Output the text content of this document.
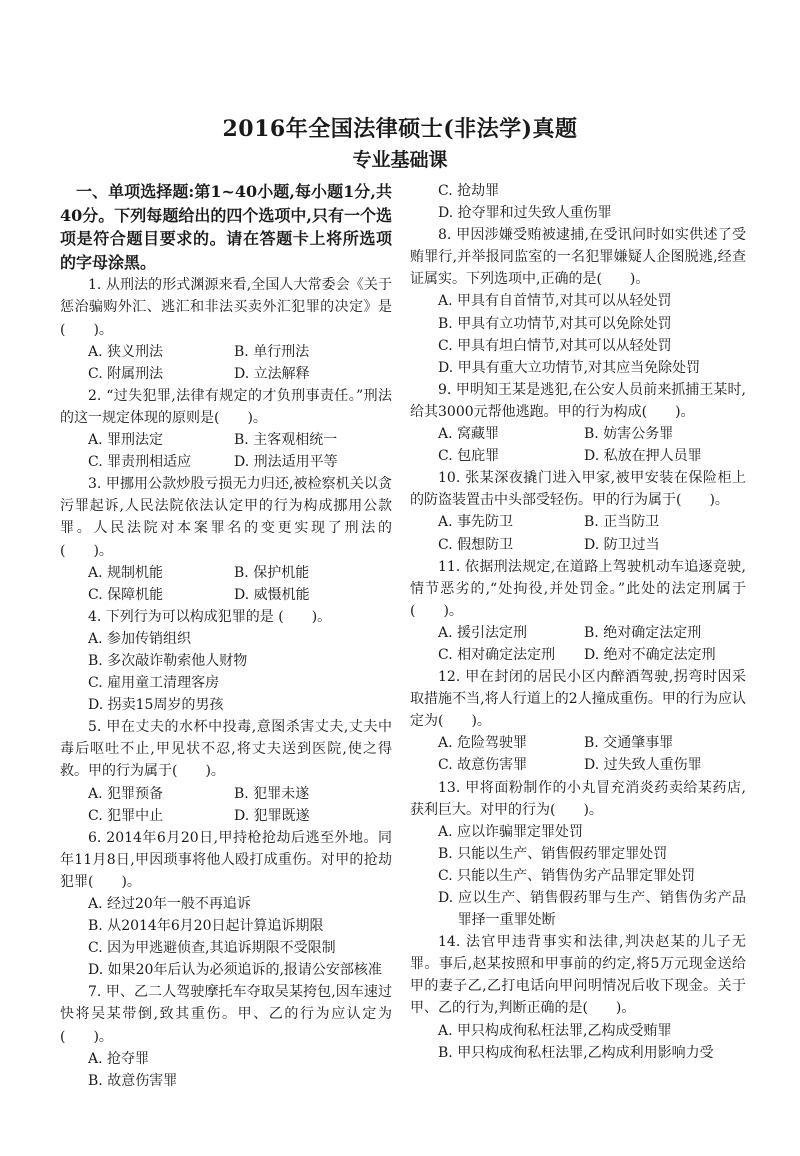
2016年全国法律硕士(非法学)真题
专业基础课

一、单项选择题:第1~40小题,每小题1分,共40分。下列每题给出的四个选项中,只有一个选项是符合题目要求的。请在答题卡上将所选项的字母涂黑。

1. 从刑法的形式渊源来看,全国人大常委会《关于惩治骗购外汇、逃汇和非法买卖外汇犯罪的决定》是(　　)。

A. 狭义刑法	B. 单行刑法
C. 附属刑法	D. 立法解释

2. “过失犯罪,法律有规定的才负刑事责任。”刑法的这一规定体现的原则是(　　)。

A. 罪刑法定	B. 主客观相统一
C. 罪责刑相适应	D. 刑法适用平等

3. 甲挪用公款炒股亏损无力归还,被检察机关以贪污罪起诉,人民法院依法认定甲的行为构成挪用公款罪。人民法院对本案罪名的变更实现了刑法的(　　)。

A. 规制机能	B. 保护机能
C. 保障机能	D. 威慑机能

4. 下列行为可以构成犯罪的是 (　　)。

A. 参加传销组织
B. 多次敲诈勒索他人财物
C. 雇用童工清理客房
D. 拐卖15周岁的男孩

5. 甲在丈夫的水杯中投毒,意图杀害丈夫,丈夫中毒后呕吐不止,甲见状不忍,将丈夫送到医院,使之得救。甲的行为属于(　　)。

A. 犯罪预备	B. 犯罪未遂
C. 犯罪中止	D. 犯罪既遂

6. 2014年6月20日,甲持枪抢劫后逃至外地。同年11月8日,甲因琐事将他人殴打成重伤。对甲的抢劫犯罪(　　)。

A. 经过20年一般不再追诉
B. 从2014年6月20日起计算追诉期限
C. 因为甲逃避侦查,其追诉期限不受限制
D. 如果20年后认为必须追诉的,报请公安部核准

7. 甲、乙二人驾驶摩托车夺取吴某挎包,因车速过快将吴某带倒,致其重伤。甲、乙的行为应认定为(　　)。

A. 抢夺罪
B. 故意伤害罪
C. 抢劫罪
D. 抢夺罪和过失致人重伤罪

8. 甲因涉嫌受贿被逮捕,在受讯问时如实供述了受贿罪行,并举报同监室的一名犯罪嫌疑人企图脱逃,经查证属实。下列选项中,正确的是(　　)。

A. 甲具有自首情节,对其可以从轻处罚
B. 甲具有立功情节,对其可以免除处罚
C. 甲具有坦白情节,对其可以从轻处罚
D. 甲具有重大立功情节,对其应当免除处罚

9. 甲明知王某是逃犯,在公安人员前来抓捕王某时,给其3000元帮他逃跑。甲的行为构成(　　)。

A. 窝藏罪	B. 妨害公务罪
C. 包庇罪	D. 私放在押人员罪

10. 张某深夜撬门进入甲家,被甲安装在保险柜上的防盗装置击中头部受轻伤。甲的行为属于(　　)。

A. 事先防卫	B. 正当防卫
C. 假想防卫	D. 防卫过当

11. 依据刑法规定,在道路上驾驶机动车追逐竞驶,情节恶劣的,“处拘役,并处罚金。”此处的法定刑属于(　　)。

A. 援引法定刑	B. 绝对确定法定刑
C. 相对确定法定刑	D. 绝对不确定法定刑

12. 甲在封闭的居民小区内醉酒驾驶,拐弯时因采取措施不当,将人行道上的2人撞成重伤。甲的行为应认定为(　　)。

A. 危险驾驶罪	B. 交通肇事罪
C. 故意伤害罪	D. 过失致人重伤罪

13. 甲将面粉制作的小丸冒充消炎药卖给某药店,获利巨大。对甲的行为(　　)。

A. 应以诈骗罪定罪处罚
B. 只能以生产、销售假药罪定罪处罚
C. 只能以生产、销售伪劣产品罪定罪处罚
D. 应以生产、销售假药罪与生产、销售伪劣产品罪择一重罪处断

14. 法官甲违背事实和法律,判决赵某的儿子无罪。事后,赵某按照和甲事前的约定,将5万元现金送给甲的妻子乙,乙打电话向甲问明情况后收下现金。关于甲、乙的行为,判断正确的是(　　)。

A. 甲只构成徇私枉法罪,乙构成受贿罪
B. 甲只构成徇私枉法罪,乙构成利用影响力受
